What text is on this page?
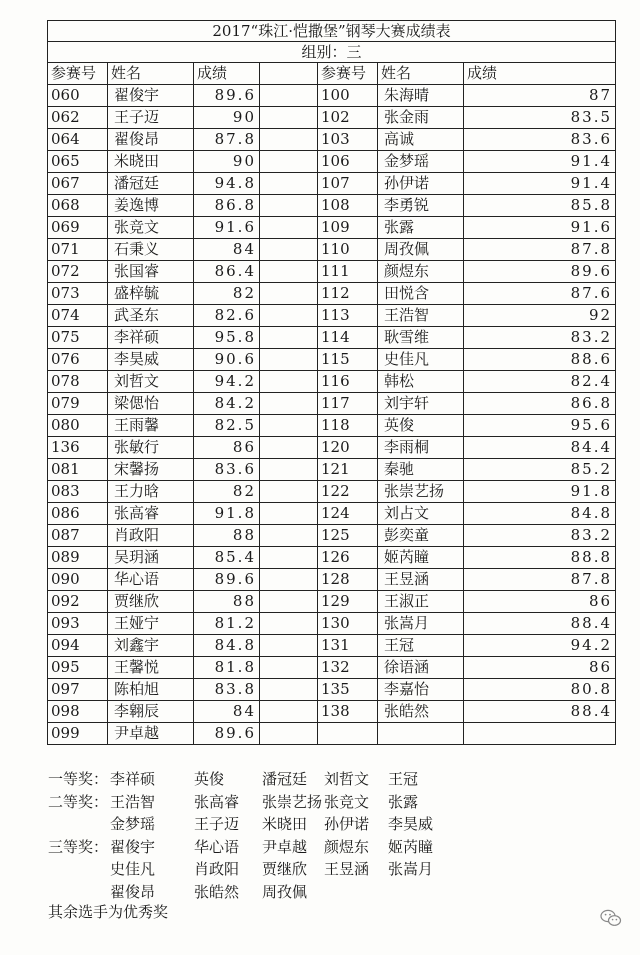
2017“珠江·恺撒堡”钢琴大赛成绩表						
组别：三						
参赛号	姓名	成绩		参赛号	姓名	成绩
060	翟俊宇	89.6		100	朱海晴	87
062	王子迈	90		102	张金雨	83.5
064	翟俊昂	87.8		103	高诚	83.6
065	米晓田	90		106	金梦瑶	91.4
067	潘冠廷	94.8		107	孙伊诺	91.4
068	姜逸博	86.8		108	李勇锐	85.8
069	张竞文	91.6		109	张露	91.6
071	石秉义	84		110	周孜佩	87.8
072	张国睿	86.4		111	颜煜东	89.6
073	盛梓毓	82		112	田悦含	87.6
074	武圣东	82.6		113	王浩智	92
075	李祥硕	95.8		114	耿雪维	83.2
076	李昊威	90.6		115	史佳凡	88.6
078	刘哲文	94.2		116	韩松	82.4
079	梁偲怡	84.2		117	刘宇轩	86.8
080	王雨馨	82.5		118	英俊	95.6
136	张敏行	86		120	李雨桐	84.4
081	宋馨扬	83.6		121	秦驰	85.2
083	王力晗	82		122	张崇艺扬	91.8
086	张高睿	91.8		124	刘占文	84.8
087	肖政阳	88		125	彭奕童	83.2
089	吴玥涵	85.4		126	姬芮瞳	88.8
090	华心语	89.6		128	王昱涵	87.8
092	贾继欣	88		129	王淑正	86
093	王娅宁	81.2		130	张嵩月	88.4
094	刘鑫宇	84.8		131	王冠	94.2
095	王馨悦	81.8		132	徐语涵	86
097	陈柏旭	83.8		135	李嘉怡	80.8
098	李翱辰	84		138	张皓然	88.4
099	尹卓越	89.6				
一等奖： 李祥硕	英俊	潘冠廷 刘哲文 王冠
二等奖： 王浩智	张高睿 张崇艺扬 张竞文 张露
金梦瑶	王子迈 米晓田 孙伊诺 李昊威
三等奖： 翟俊宇	华心语 尹卓越 颜煜东 姬芮瞳
史佳凡	肖政阳 贾继欣 王昱涵 张嵩月
翟俊昂	张皓然 周孜佩
其余选手为优秀奖
